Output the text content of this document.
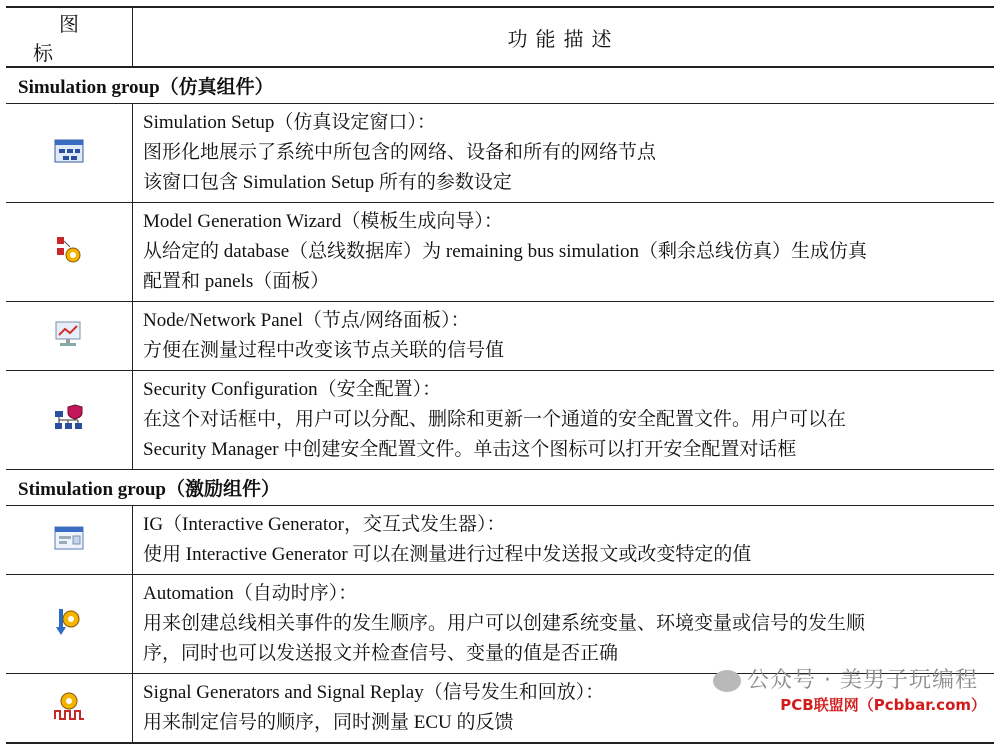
图标	功能描述
Simulation group（仿真组件）	

Simulation Setup（仿真设定窗口）：
图形化地展示了系统中所包含的网络、设备和所有的网络节点
该窗口包含 Simulation Setup 所有的参数设定

Model Generation Wizard（模板生成向导）：
从给定的 database（总线数据库）为 remaining bus simulation（剩余总线仿真）生成仿真
配置和 panels（面板）

Node/Network Panel（节点/网络面板）：
方便在测量过程中改变该节点关联的信号值

Security Configuration（安全配置）：
在这个对话框中，用户可以分配、删除和更新一个通道的安全配置文件。用户可以在
Security Manager 中创建安全配置文件。单击这个图标可以打开安全配置对话框

Stimulation group（激励组件）	

IG（Interactive Generator，交互式发生器）：
使用 Interactive Generator 可以在测量进行过程中发送报文或改变特定的值

Automation（自动时序）：
用来创建总线相关事件的发生顺序。用户可以创建系统变量、环境变量或信号的发生顺
序，同时也可以发送报文并检查信号、变量的值是否正确

Signal Generators and Signal Replay（信号发生和回放）：
用来制定信号的顺序，同时测量 ECU 的反馈
公众号 · 美男子玩编程
PCB联盟网（Pcbbar.com）
